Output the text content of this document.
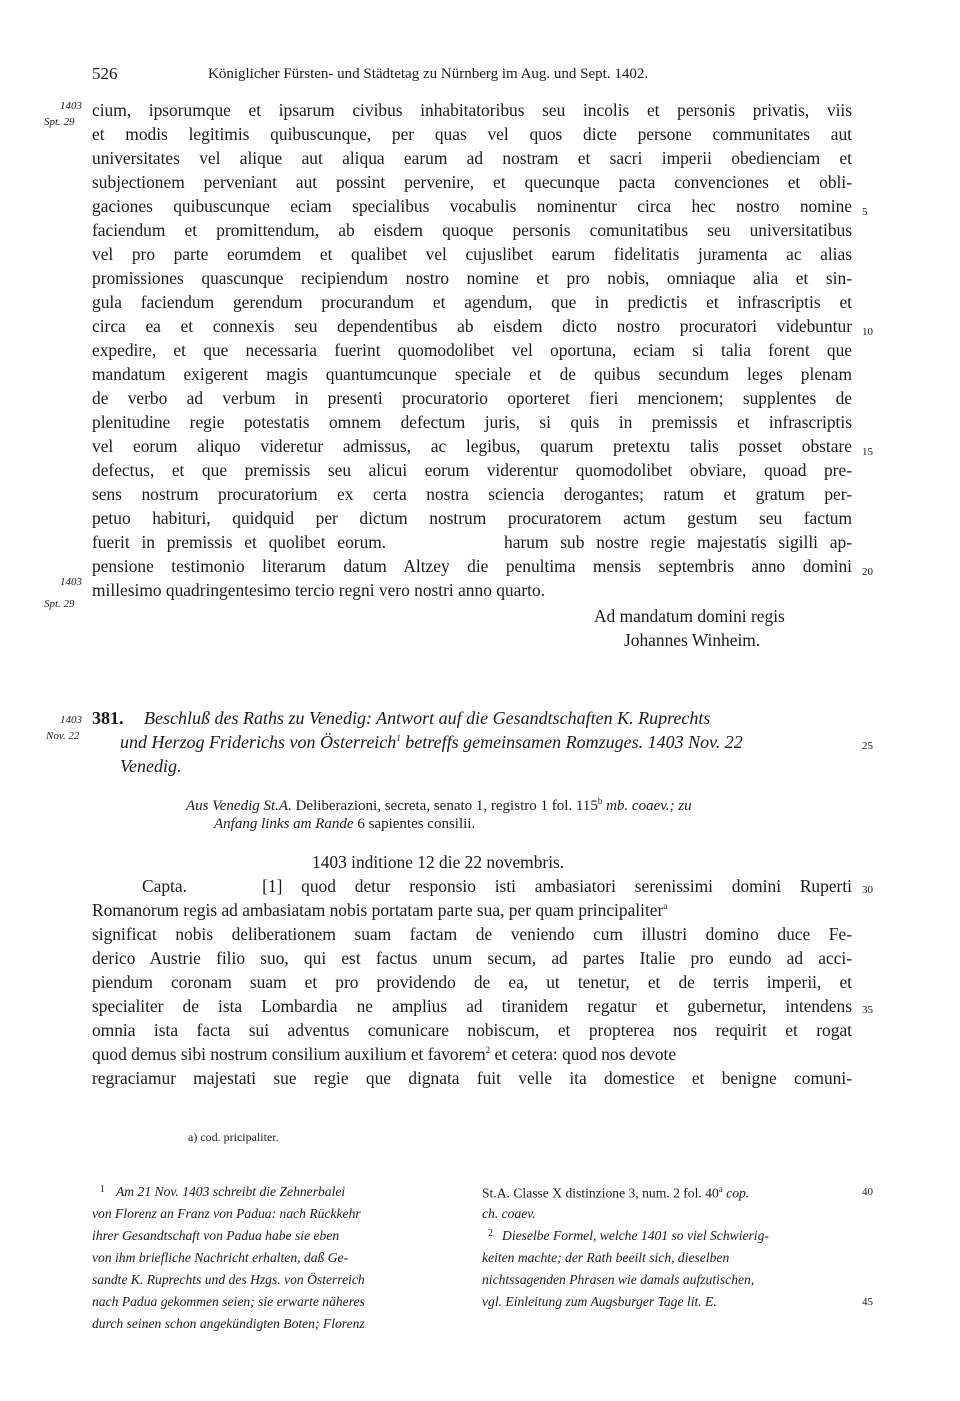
526	Königlicher Fürsten- und Städtetag zu Nürnberg im Aug. und Sept. 1402.
1403
Spt. 29
1403
Spt. 29
1403
Nov. 22
cium, ipsorumque et ipsarum civibus inhabitatoribus seu incolis et personis privatis, viis
et modis legitimis quibuscunque, per quas vel quos dicte persone communitates aut
universitates vel alique aut aliqua earum ad nostram et sacri imperii obedienciam et
subjectionem perveniant aut possint pervenire, et quecunque pacta convenciones et obli-
gaciones quibuscunque eciam specialibus vocabulis nominentur circa hec nostro nomine
faciendum et promittendum, ab eisdem quoque personis comunitatibus seu universitatibus
vel pro parte eorumdem et qualibet vel cujuslibet earum fidelitatis juramenta ac alias
promissiones quascunque recipiendum nostro nomine et pro nobis, omniaque alia et sin-
gula faciendum gerendum procurandum et agendum, que in predictis et infrascriptis et
circa ea et connexis seu dependentibus ab eisdem dicto nostro procuratori videbuntur
expedire, et que necessaria fuerint quomodolibet vel oportuna, eciam si talia forent que
mandatum exigerent magis quantumcunque speciale et de quibus secundum leges plenam
de verbo ad verbum in presenti procuratorio oporteret fieri mencionem; supplentes de
plenitudine regie potestatis omnem defectum juris, si quis in premissis et infrascriptis
vel eorum aliquo videretur admissus, ac legibus, quarum pretextu talis posset obstare
defectus, et que premissis seu alicui eorum viderentur quomodolibet obviare, quoad pre-
sens nostrum procuratorium ex certa nostra sciencia derogantes; ratum et gratum per-
petuo habituri, quidquid per dictum nostrum procuratorem actum gestum seu factum
fuerit in premissis et quolibet eorum.          harum sub nostre regie majestatis sigilli ap-
pensione testimonio literarum datum Altzey die penultima mensis septembris anno domini
millesimo quadringentesimo tercio regni vero nostri anno quarto.
5
10
15
20
Ad mandatum domini regis
Johannes Winheim.
381. Beschluß des Raths zu Venedig: Antwort auf die Gesandtschaften K. Ruprechts
und Herzog Friderichs von Österreich$^1$ betreffs gemeinsamen Romzuges. 1403 Nov. 22	25
Venedig.
Aus Venedig St.A. Deliberazioni, secreta, senato 1, registro 1 fol. 115$^b$ mb. coaev.; zu
Anfang links am Rande 6 sapientes consilii.
1403 inditione 12 die 22 novembris.
Capta.    [1] quod detur responsio isti ambasiatori serenissimi domini Ruperti 30
Romanorum regis ad ambasiatam nobis portatam parte sua, per quam principaliter$^a$
significat nobis deliberationem suam factam de veniendo cum illustri domino duce Fe-
derico Austrie filio suo, qui est factus unum secum, ad partes Italie pro eundo ad acci-
piendum coronam suam et pro providendo de ea, ut tenetur, et de terris imperii, et
specialiter de ista Lombardia ne amplius ad tiranidem regatur et gubernetur, intendens 35
omnia ista facta sui adventus comunicare nobiscum, et propterea nos requirit et rogat
quod demus sibi nostrum consilium auxilium et favorem$^2$ et cetera: quod nos devote
regraciamur majestati sue regie que dignata fuit velle ita domestice et benigne comuni-
a) cod. pricipaliter.
1 Am 21 Nov. 1403 schreibt die Zehnerbalei
von Florenz an Franz von Padua: nach Rückkehr
ihrer Gesandtschaft von Padua habe sie eben
von ihm briefliche Nachricht erhalten, daß Ge-
sandte K. Ruprechts und des Hzgs. von Österreich
nach Padua gekommen seien; sie erwarte näheres
durch seinen schon angekündigten Boten; Florenz
St.A. Classe X distinzione 3, num. 2 fol. 40$^a$ cop.	40
ch. coaev.
2 Dieselbe Formel, welche 1401 so viel Schwierig-
keiten machte; der Rath beeilt sich, dieselben
nichtssagenden Phrasen wie damals aufzutischen,
vgl. Einleitung zum Augsburger Tage lit. E.	45
